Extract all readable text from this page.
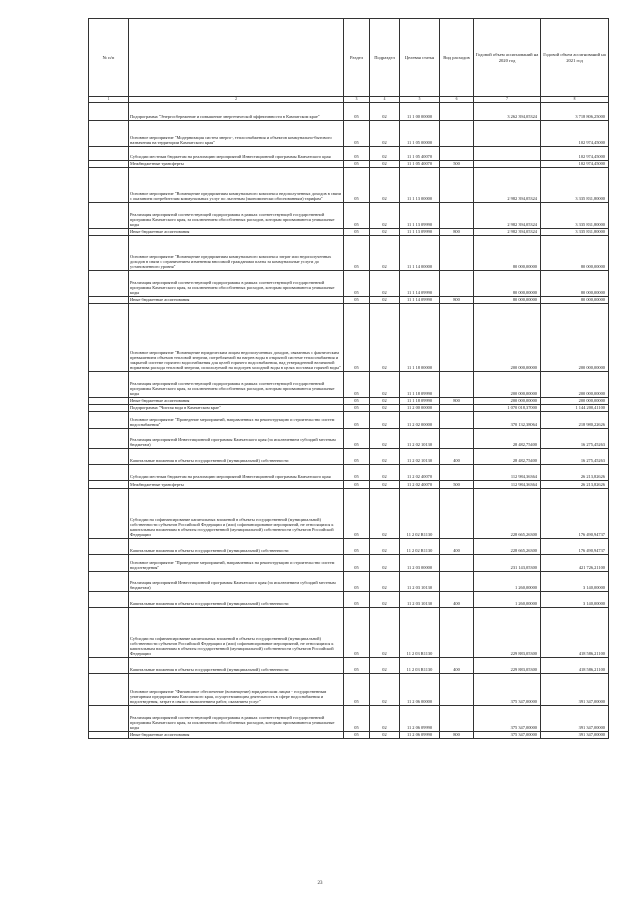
№ п/п		Раздел	Подраздел	Целевая статья	Вид расходов	Годовой объем ассигнований на 2020 год	Годовой объем ассигнований на 2021 год
1	2	3	4	5	6	7	8
	Подпрограмма "Энергосбережение и повышение энергетической эффективности в Камчатском крае"	05	02	11 1 00 00000		3 262 394,05324	3 718 806,25000
	Основное мероприятие "Модернизация систем энерго-, теплоснабжения и объектов коммунально-бытового назначения на территории Камчатского края"	05	02	11 1 05 00000			102 974,45000
	Субсидии местным бюджетам на реализацию мероприятий Инвестиционной программы Камчатского края	05	02	11 1 05 40070			102 974,45000
	Межбюджетные трансферты	05	02	11 1 05 40070	500		102 974,45000
	Основное мероприятие "Возмещение предприятиям коммунального комплекса недополученных доходов в связи с оказанием потребителям коммунальных услуг по льготным (экономически обоснованным) тарифам"	05	02	11 1 13 00000		2 982 394,05324	3 335 831,80000
	Реализация мероприятий соответствующей подпрограммы в рамках соответствующей государственной программы Камчатского края, за исключением обособленных расходов, которым присваиваются уникальные коды	05	02	11 1 13 09990		2 982 394,05324	3 335 831,80000
	Иные бюджетные ассигнования	05	02	11 1 13 09990	800	2 982 394,05324	3 335 831,80000
	Основное мероприятие "Возмещение предприятиям коммунального комплекса затрат или недополученных доходов в связи с ограничением изменения вносимой гражданами платы за коммунальные услуги до установленного уровня"	05	02	11 1 14 00000		80 000,00000	80 000,00000
	Реализация мероприятий соответствующей подпрограммы в рамках соответствующей государственной программы Камчатского края, за исключением обособленных расходов, которым присваиваются уникальные коды	05	02	11 1 14 09990		80 000,00000	80 000,00000
	Иные бюджетные ассигнования	05	02	11 1 14 09990	800	80 000,00000	80 000,00000
	Основное мероприятие "Возмещение юридическим лицам недополученных доходов, связанных с фактическим превышением объемов тепловой энергии, потребляемой на нагрев воды в открытой системе теплоснабжения и закрытой системе горячего водоснабжения для целей горячего водоснабжения, над утвержденной величиной норматива расхода тепловой энергии, используемой на подогрев холодной воды в целях поставки горячей воды"	05	02	11 1 18 00000		200 000,00000	200 000,00000
	Реализация мероприятий соответствующей подпрограммы в рамках соответствующей государственной программы Камчатского края, за исключением обособленных расходов, которым присваиваются уникальные коды	05	02	11 1 18 09990		200 000,00000	200 000,00000
	Иные бюджетные ассигнования	05	02	11 1 18 09990	800	200 000,00000	200 000,00000
	Подпрограмма "Чистая вода в Камчатском крае"	05	02	11 2 00 00000		1 070 018,37000	1 144 200,41100
	Основное мероприятие "Проведение мероприятий, направленных на реконструкцию и строительство систем водоснабжения"	05	02	11 2 02 00000		370 132,38064	218 980,22626
	Реализация мероприятий Инвестиционной программы Камчатского края (за исключением субсидий местным бюджетам)	05	02	11 2 02 10130		28 482,75400	16 275,45263
	Капитальные вложения в объекты государственной (муниципальной) собственности	05	02	11 2 02 10130	400	28 482,75400	16 275,45263
	Субсидии местным бюджетам на реализацию мероприятий Инвестиционной программы Камчатского края	05	02	11 2 02 40070		112 984,36364	26 213,82626
	Межбюджетные трансферты	05	02	11 2 02 40070	500	112 984,36364	26 213,82626
	Субсидии на софинансирование капитальных вложений в объекты государственной (муниципальной) собственности субъектов Российской Федерации и (или) софинансирование мероприятий, не относящихся к капитальным вложениям в объекты государственной (муниципальной) собственности субъектов Российской Федерации	05	02	11 2 02 R1130		228 665,26300	176 490,94737
	Капитальные вложения в объекты государственной (муниципальной) собственности	05	02	11 2 02 R1130	400	228 665,26300	176 490,94737
	Основное мероприятие "Проведение мероприятий, направленных на реконструкцию и строительство систем водоотведения"	05	02	11 2 03 00000		231 143,05300	421 726,21100
	Реализация мероприятий Инвестиционной программы Камчатского края (за исключением субсидий местным бюджетам)	05	02	11 2 03 10130		1 260,00000	3 140,00000
	Капитальные вложения в объекты государственной (муниципальной) собственности	05	02	11 2 03 10130	400	1 260,00000	3 140,00000
	Субсидии на софинансирование капитальных вложений в объекты государственной (муниципальной) собственности субъектов Российской Федерации и (или) софинансирование мероприятий, не относящихся к капитальным вложениям в объекты государственной (муниципальной) собственности субъектов Российской Федерации	05	02	11 2 03 R1130		229 883,05300	418 586,21100
	Капитальные вложения в объекты государственной (муниципальной) собственности	05	02	11 2 03 R1130	400	229 883,05300	418 586,21100
	Основное мероприятие "Финансовое обеспечение (возмещение) юридическим лицам - государственным унитарным предприятиям Камчатского края, осуществляющим деятельность в сфере водоснабжения и водоотведения, затрат в связи с выполнением работ, оказанием услуг"	05	02	11 2 06 00000		375 347,00000	391 347,00000
	Реализация мероприятий соответствующей подпрограммы в рамках соответствующей государственной программы Камчатского края, за исключением обособленных расходов, которым присваиваются уникальные коды	05	02	11 2 06 09990		375 347,00000	391 347,00000
	Иные бюджетные ассигнования	05	02	11 2 06 09990	800	375 347,00000	391 347,00000
23
